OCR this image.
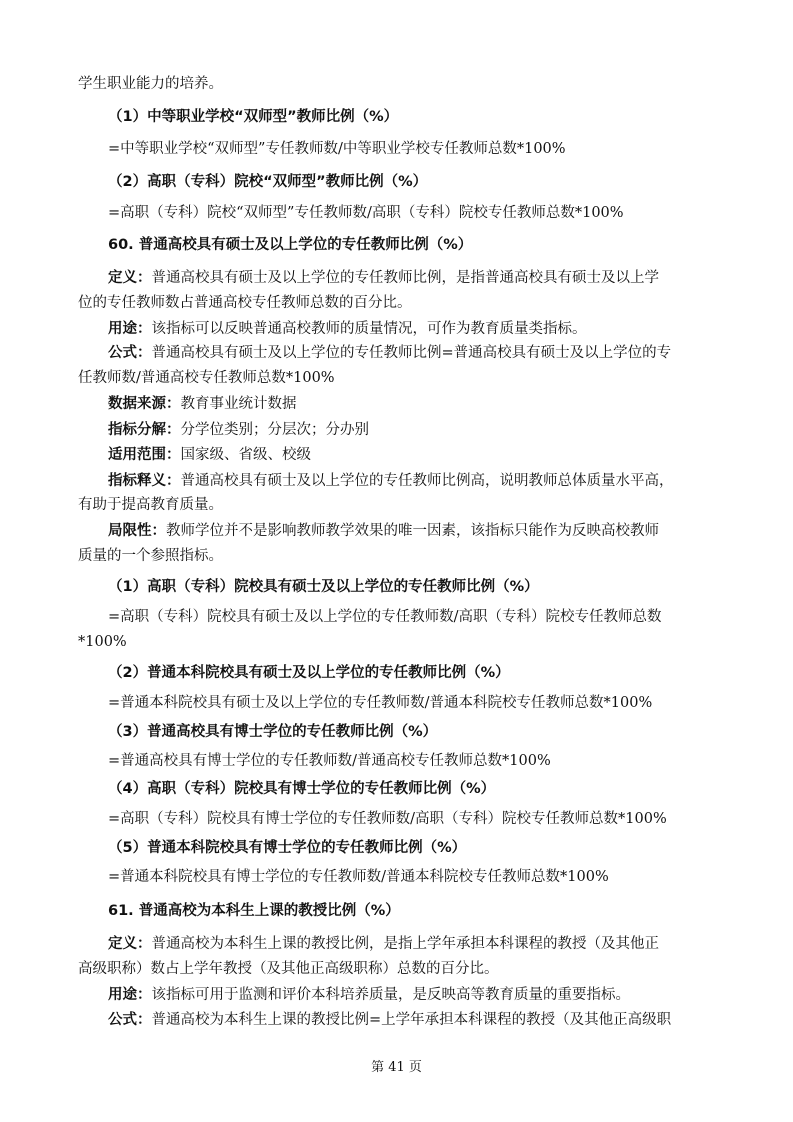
学生职业能力的培养。
（1）中等职业学校“双师型”教师比例（%）
=中等职业学校“双师型”专任教师数/中等职业学校专任教师总数*100%
（2）高职（专科）院校“双师型”教师比例（%）
=高职（专科）院校“双师型”专任教师数/高职（专科）院校专任教师总数*100%
60. 普通高校具有硕士及以上学位的专任教师比例（%）
定义：普通高校具有硕士及以上学位的专任教师比例，是指普通高校具有硕士及以上学
位的专任教师数占普通高校专任教师总数的百分比。
用途：该指标可以反映普通高校教师的质量情况，可作为教育质量类指标。
公式：普通高校具有硕士及以上学位的专任教师比例=普通高校具有硕士及以上学位的专
任教师数/普通高校专任教师总数*100%
数据来源：教育事业统计数据
指标分解：分学位类别；分层次；分办别
适用范围：国家级、省级、校级
指标释义：普通高校具有硕士及以上学位的专任教师比例高，说明教师总体质量水平高，
有助于提高教育质量。
局限性：教师学位并不是影响教师教学效果的唯一因素，该指标只能作为反映高校教师
质量的一个参照指标。
（1）高职（专科）院校具有硕士及以上学位的专任教师比例（%）
=高职（专科）院校具有硕士及以上学位的专任教师数/高职（专科）院校专任教师总数
*100%
（2）普通本科院校具有硕士及以上学位的专任教师比例（%）
=普通本科院校具有硕士及以上学位的专任教师数/普通本科院校专任教师总数*100%
（3）普通高校具有博士学位的专任教师比例（%）
=普通高校具有博士学位的专任教师数/普通高校专任教师总数*100%
（4）高职（专科）院校具有博士学位的专任教师比例（%）
=高职（专科）院校具有博士学位的专任教师数/高职（专科）院校专任教师总数*100%
（5）普通本科院校具有博士学位的专任教师比例（%）
=普通本科院校具有博士学位的专任教师数/普通本科院校专任教师总数*100%
61. 普通高校为本科生上课的教授比例（%）
定义：普通高校为本科生上课的教授比例，是指上学年承担本科课程的教授（及其他正
高级职称）数占上学年教授（及其他正高级职称）总数的百分比。
用途：该指标可用于监测和评价本科培养质量，是反映高等教育质量的重要指标。
公式：普通高校为本科生上课的教授比例=上学年承担本科课程的教授（及其他正高级职
第 41 页
